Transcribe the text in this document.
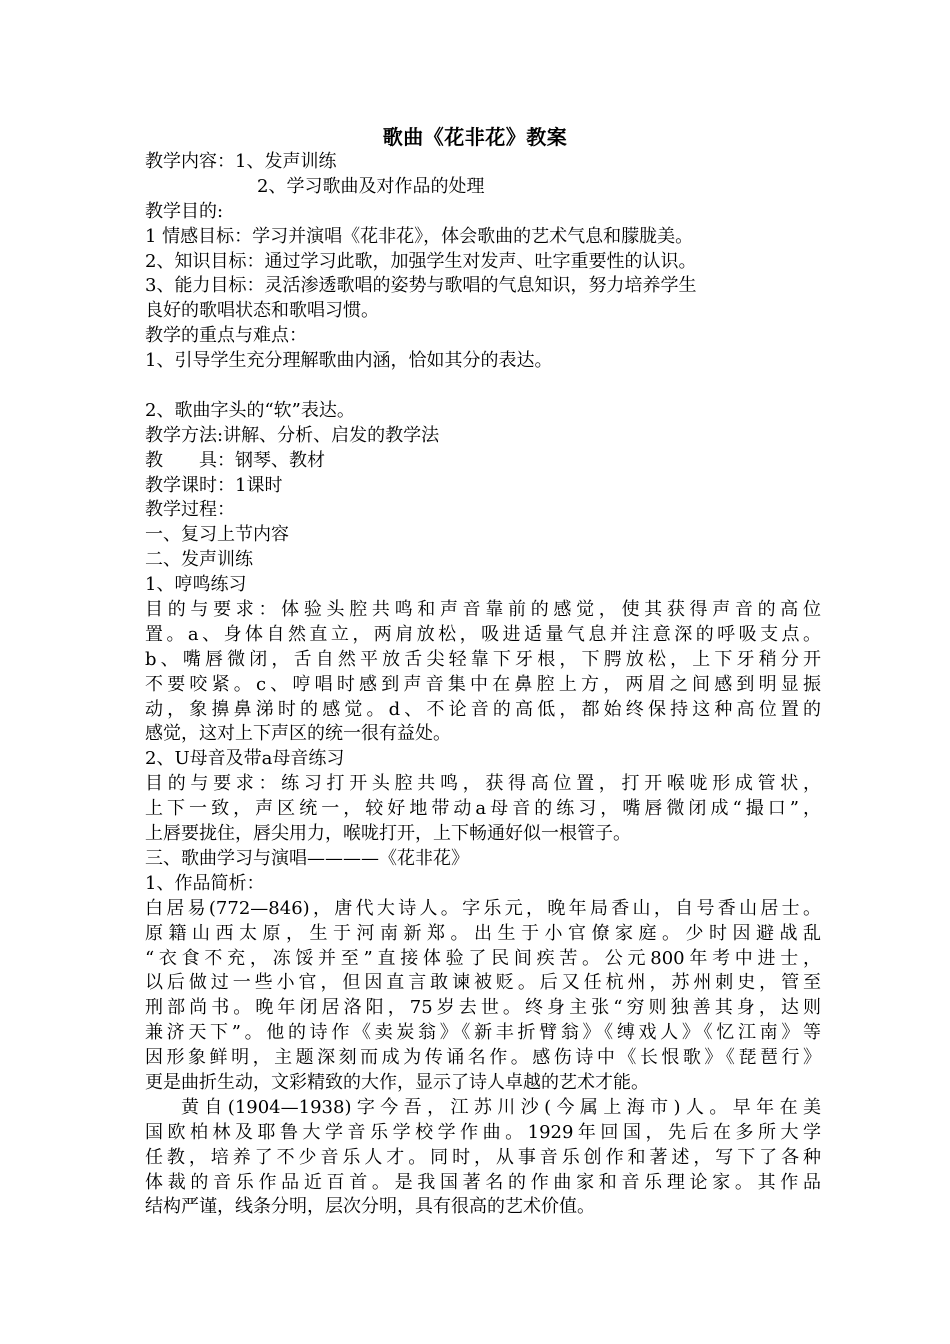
歌曲《花非花》教案
教学内容：1、发声训练
2、学习歌曲及对作品的处理
教学目的:
1 情感目标：学习并演唱《花非花》，体会歌曲的艺术气息和朦胧美。
2、知识目标：通过学习此歌，加强学生对发声、吐字重要性的认识。
3、能力目标：灵活渗透歌唱的姿势与歌唱的气息知识，努力培养学生
良好的歌唱状态和歌唱习惯。
教学的重点与难点：
1、引导学生充分理解歌曲内涵，恰如其分的表达。
2、歌曲字头的“软”表达。
教学方法:讲解、分析、启发的教学法
教　　具：钢琴、教材
教学课时：1课时
教学过程：
一、复习上节内容
二、发声训练
1、哼鸣练习
目的与要求：体验头腔共鸣和声音靠前的感觉，使其获得声音的高位
置。a、身体自然直立，两肩放松，吸进适量气息并注意深的呼吸支点。
b、嘴唇微闭，舌自然平放舌尖轻靠下牙根，下腭放松，上下牙稍分开
不要咬紧。c、哼唱时感到声音集中在鼻腔上方，两眉之间感到明显振
动，象擤鼻涕时的感觉。d、不论音的高低，都始终保持这种高位置的
感觉，这对上下声区的统一很有益处。
2、U母音及带a母音练习
目的与要求：练习打开头腔共鸣，获得高位置，打开喉咙形成管状，
上下一致，声区统一，较好地带动a母音的练习，嘴唇微闭成“撮口”，
上唇要拢住，唇尖用力，喉咙打开，上下畅通好似一根管子。
三、歌曲学习与演唱————《花非花》
1、作品简析：
白居易(772—846)，唐代大诗人。字乐元，晚年局香山，自号香山居士。
原籍山西太原，生于河南新郑。出生于小官僚家庭。少时因避战乱
“衣食不充，冻馁并至”直接体验了民间疾苦。公元800年考中进士，
以后做过一些小官，但因直言敢谏被贬。后又任杭州，苏州刺史，管至
刑部尚书。晚年闭居洛阳，75岁去世。终身主张“穷则独善其身，达则
兼济天下”。他的诗作《卖炭翁》《新丰折臂翁》《缚戏人》《忆江南》等
因形象鲜明，主题深刻而成为传诵名作。感伤诗中《长恨歌》《琵琶行》
更是曲折生动，文彩精致的大作，显示了诗人卓越的艺术才能。
黄自(1904—1938)字今吾，江苏川沙(今属上海市)人。早年在美
国欧柏林及耶鲁大学音乐学校学作曲。1929年回国，先后在多所大学
任教，培养了不少音乐人才。同时，从事音乐创作和著述，写下了各种
体裁的音乐作品近百首。是我国著名的作曲家和音乐理论家。其作品
结构严谨，线条分明，层次分明，具有很高的艺术价值。
